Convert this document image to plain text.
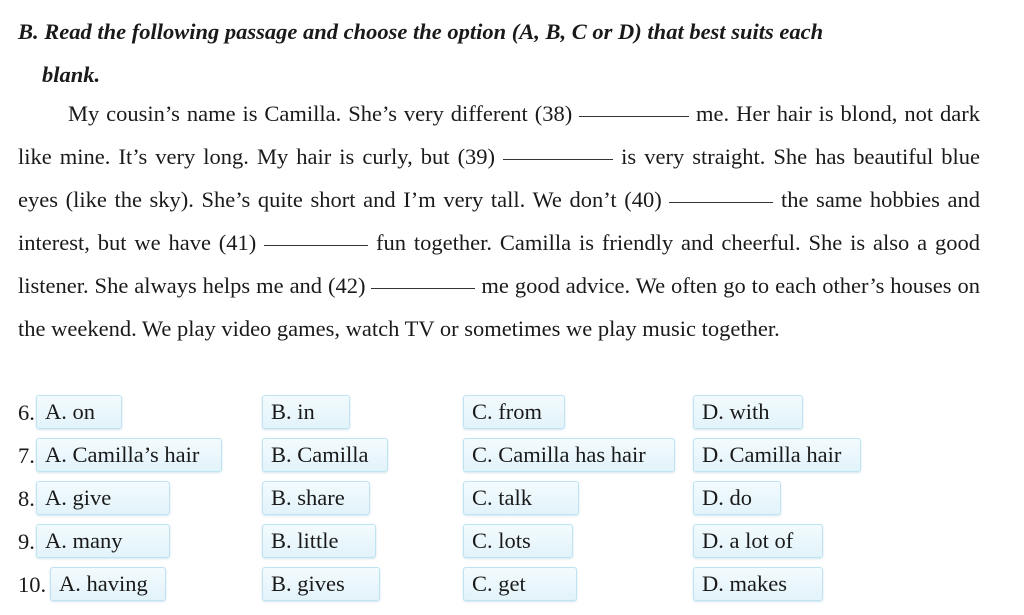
B. Read the following passage and choose the option (A, B, C or D) that best suits each
blank.
My cousin’s name is Camilla. She’s very different (38)	me. Her hair is blond, not dark like mine. It’s very long. My hair is curly, but (39)	is very straight. She has beautiful blue eyes (like the sky). She’s quite short and I’m very tall. We don’t (40)	the same hobbies and interest, but we have (41)	fun together. Camilla is friendly and cheerful. She is also a good listener. She always helps me and (42)	me good advice. We often go to each other’s houses on the weekend. We play video games, watch TV or sometimes we play music together.
6. A. on	B. in	C. from	D. with
7. A. Camilla’s hair	B. Camilla	C. Camilla has hair	D. Camilla hair
8. A. give	B. share	C. talk	D. do
9. A. many	B. little	C. lots	D. a lot of
10. A. having	B. gives	C. get	D. makes
